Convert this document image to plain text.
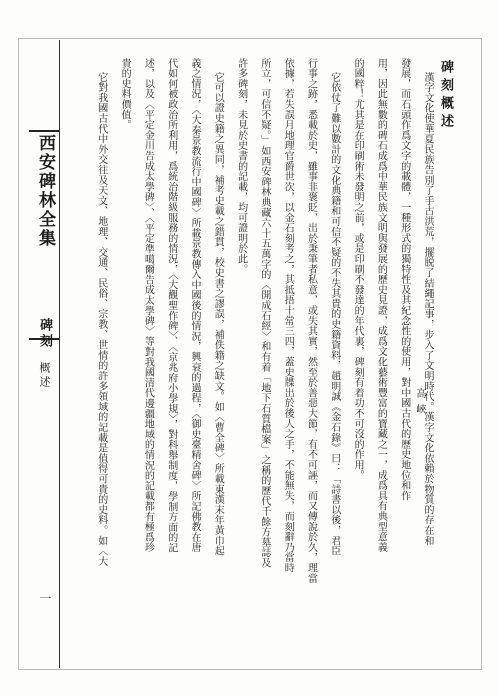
西安碑林全集
碑刻
概述
一
碑刻概述
高峽
漢字文化使華夏民族告別了手古洪荒，擺脱了結繩記事，步入了文明時代。漢字文化依賴於物質的存在和
發展，而石頭作爲文字的載體，一種形式的獨特性及其紀念性的使用，對中國古代的歷史地位和作
用，因此無數的碑石成爲中華民族文明與發展的歷史見證，成爲文化藝術豐富的寶藏之一，成爲具有典型意義
的國粹！尤其是在印刷術未發明之前，或是印刷不發達的年代裏，碑刻有着功不可沒的作用。
它依仗了難以數計的文化典籍和可信不疑的不失其貴的史籍資料，趙明誠《金石錄》曰：「詩書以後，君臣
行事之跡，悉載於史，雖事非褒貶，出於秉筆者私意，或失其實，然至於善惡大節，有不可誣，而又傳說於久，理當
依據，若失誤月地理官爵世次，以金石刻考之，其抵捂十常三四，蓋史牒出於後人之手，不能無失，而刻辭乃當時
所立，可信不疑。」如西安碑林典藏六十五萬字的〈開成石經〉和有着「地下石質檔案」之稱的歷代千餘方墓誌及
許多碑刻，未見於史書的記載，均可證明於此。
它可以證史籍之異同，補考史載之錯貫，校史書之謬誤，補佚籍之缺文。如〈曹全碑〉所載東漢末年黃巾起
義之情況，〈大秦景教流行中國碑〉所載景教傳入中國後的情況，興衰的過程，〈御史臺精舍碑〉所記佛教在唐
代如何被政治所利用，爲統治階級服務的情況，〈大觀聖作碑〉、〈京兆府小學規〉，對科舉制度，學制方面的記
述，以及〈平定金川告成太學碑〉、〈平定準噶爾告成太學碑〉等對我國清代邊疆地域的情況的記載都有極爲珍
貴的史料價值。
它對我國古代中外交往及天文、地理、交通、民俗、宗教、世情的許多領域的記載是值得可貴的史料。如〈大
